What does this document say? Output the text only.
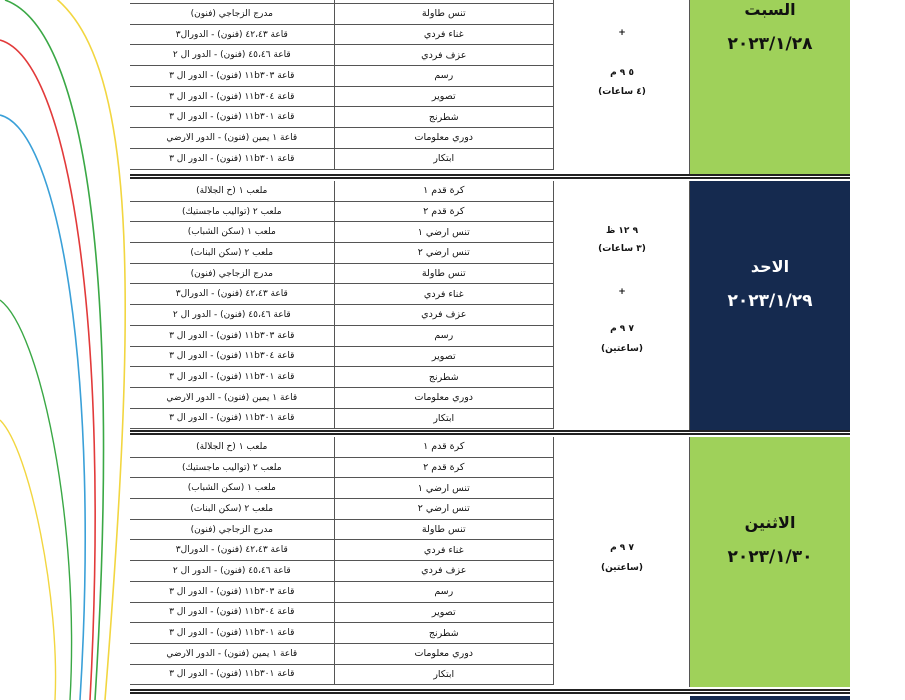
مدرج الزجاجي (فنون)	تنس طاولة
قاعة ٤٢،٤٣ (فنون) - الدورال٣	غناء فردي
قاعة ٤٥،٤٦ (فنون) - الدور ال ٢	عزف فردي
قاعة ١١b٣٠٣ (فنون) - الدور ال ٣	رسم
قاعة ١١b٣٠٤ (فنون) - الدور ال ٣	تصوير
قاعة ١١b٣٠١ (فنون) - الدور ال ٣	شطرنج
قاعة ١ يمين (فنون) - الدور الارضي	دوري معلومات
قاعة ١١b٣٠١ (فنون) - الدور ال ٣	ابتكار
+
٥ ٩ م
(٤ ساعات)
السبت
٢٠٢٣/١/٢٨
ملعب ١ (ح الجلالة)	كرة قدم ١
ملعب ٢ (تواليب ماجستيك)	كرة قدم ٢
ملعب ١ (سكن الشباب)	تنس ارضي ١
ملعب ٢ (سكن البنات)	تنس ارضي ٢
مدرج الزجاجي (فنون)	تنس طاولة
قاعة ٤٢،٤٣ (فنون) - الدورال٣	غناء فردي
قاعة ٤٥،٤٦ (فنون) - الدور ال ٢	عزف فردي
قاعة ١١b٣٠٣ (فنون) - الدور ال ٣	رسم
قاعة ١١b٣٠٤ (فنون) - الدور ال ٣	تصوير
قاعة ١١b٣٠١ (فنون) - الدور ال ٣	شطرنج
قاعة ١ يمين (فنون) - الدور الارضي	دوري معلومات
قاعة ١١b٣٠١ (فنون) - الدور ال ٣	ابتكار
٩ ١٢ ظ
(٣ ساعات)
+
٧ ٩ م
(ساعتين)
الاحد
٢٠٢٣/١/٢٩
ملعب ١ (ح الجلالة)	كرة قدم ١
ملعب ٢ (تواليب ماجستيك)	كرة قدم ٢
ملعب ١ (سكن الشباب)	تنس ارضي ١
ملعب ٢ (سكن البنات)	تنس ارضي ٢
مدرج الزجاجي (فنون)	تنس طاولة
قاعة ٤٢،٤٣ (فنون) - الدورال٣	غناء فردي
قاعة ٤٥،٤٦ (فنون) - الدور ال ٢	عزف فردي
قاعة ١١b٣٠٣ (فنون) - الدور ال ٣	رسم
قاعة ١١b٣٠٤ (فنون) - الدور ال ٣	تصوير
قاعة ١١b٣٠١ (فنون) - الدور ال ٣	شطرنج
قاعة ١ يمين (فنون) - الدور الارضي	دوري معلومات
قاعة ١١b٣٠١ (فنون) - الدور ال ٣	ابتكار
٧ ٩ م
(ساعتين)
الاثنين
٢٠٢٣/١/٣٠
